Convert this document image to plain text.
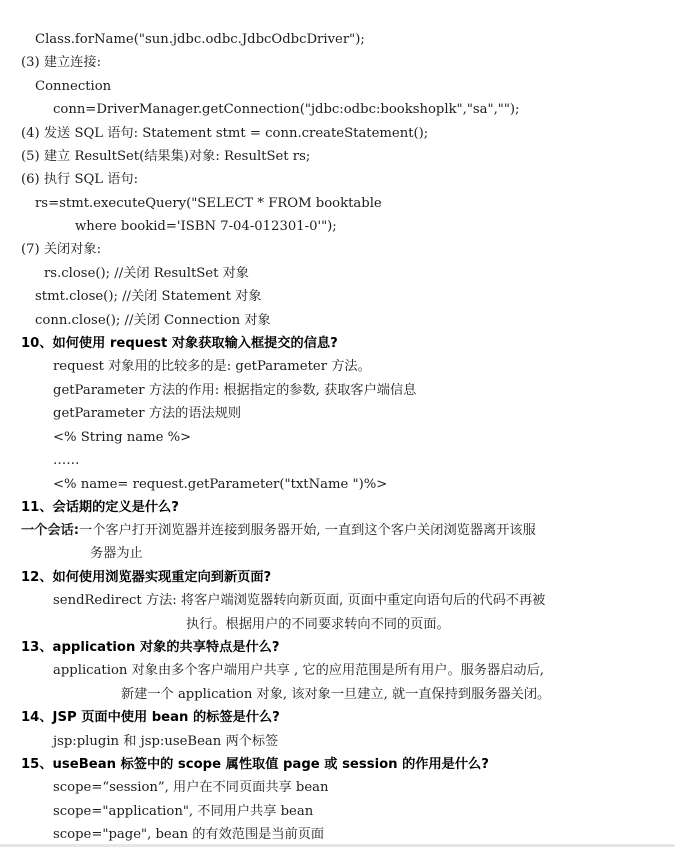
Class.forName("sun.jdbc.odbc.JdbcOdbcDriver");
(3) 建立连接:
Connection
conn=DriverManager.getConnection("jdbc:odbc:bookshoplk","sa","");
(4) 发送 SQL 语句: Statement stmt = conn.createStatement();
(5) 建立 ResultSet(结果集)对象: ResultSet rs;
(6) 执行 SQL 语句:
rs=stmt.executeQuery("SELECT * FROM booktable
where bookid='ISBN 7-04-012301-0'");
(7) 关闭对象:
rs.close(); //关闭 ResultSet 对象
stmt.close(); //关闭 Statement 对象
conn.close(); //关闭 Connection 对象
10、如何使用 request 对象获取输入框提交的信息?
request 对象用的比较多的是: getParameter 方法。
getParameter 方法的作用: 根据指定的参数, 获取客户端信息
getParameter 方法的语法规则
<% String name %>
……
<% name= request.getParameter("txtName ")%>
11、会话期的定义是什么?
一个会话:一个客户打开浏览器并连接到服务器开始, 一直到这个客户关闭浏览器离开该服
务器为止
12、如何使用浏览器实现重定向到新页面?
sendRedirect 方法: 将客户端浏览器转向新页面, 页面中重定向语句后的代码不再被
执行。根据用户的不同要求转向不同的页面。
13、application 对象的共享特点是什么?
application 对象由多个客户端用户共享 , 它的应用范围是所有用户。服务器启动后,
新建一个 application 对象, 该对象一旦建立, 就一直保持到服务器关闭。
14、JSP 页面中使用 bean 的标签是什么?
jsp:plugin 和 jsp:useBean 两个标签
15、useBean 标签中的 scope 属性取值 page 或 session 的作用是什么?
scope=“session”, 用户在不同页面共享 bean
scope="application", 不同用户共享 bean
scope="page", bean 的有效范围是当前页面
